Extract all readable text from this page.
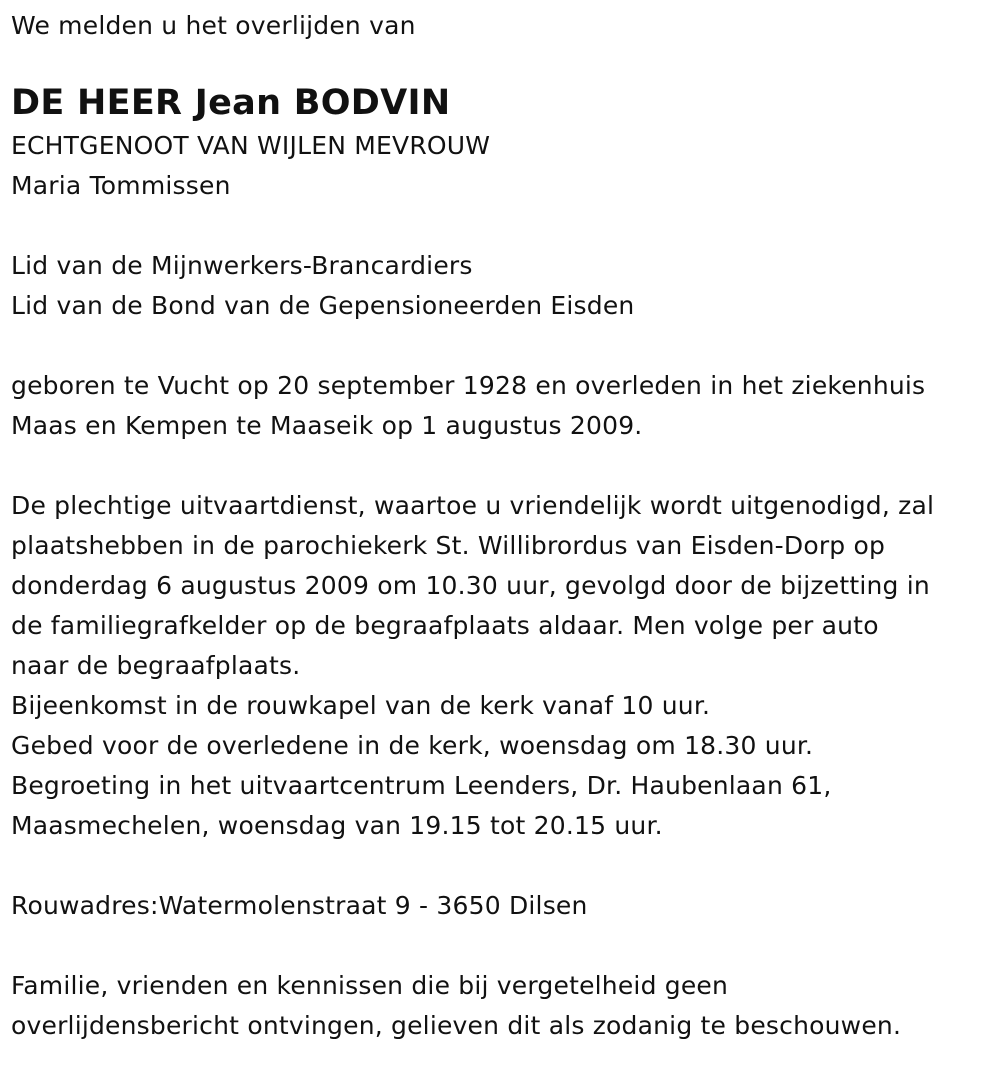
We melden u het overlijden van

DE HEER Jean BODVIN

ECHTGENOOT VAN WIJLEN MEVROUW

Maria Tommissen

Lid van de Mijnwerkers-Brancardiers

Lid van de Bond van de Gepensioneerden Eisden

geboren te Vucht op 20 september 1928 en overleden in het ziekenhuis

Maas en Kempen te Maaseik op 1 augustus 2009.

De plechtige uitvaartdienst, waartoe u vriendelijk wordt uitgenodigd, zal

plaatshebben in de parochiekerk St. Willibrordus van Eisden-Dorp op

donderdag 6 augustus 2009 om 10.30 uur, gevolgd door de bijzetting in

de familiegrafkelder op de begraafplaats aldaar. Men volge per auto

naar de begraafplaats.

Bijeenkomst in de rouwkapel van de kerk vanaf 10 uur.

Gebed voor de overledene in de kerk, woensdag om 18.30 uur.

Begroeting in het uitvaartcentrum Leenders, Dr. Haubenlaan 61,

Maasmechelen, woensdag van 19.15 tot 20.15 uur.

Rouwadres:Watermolenstraat 9 - 3650 Dilsen

Familie, vrienden en kennissen die bij vergetelheid geen

overlijdensbericht ontvingen, gelieven dit als zodanig te beschouwen.
